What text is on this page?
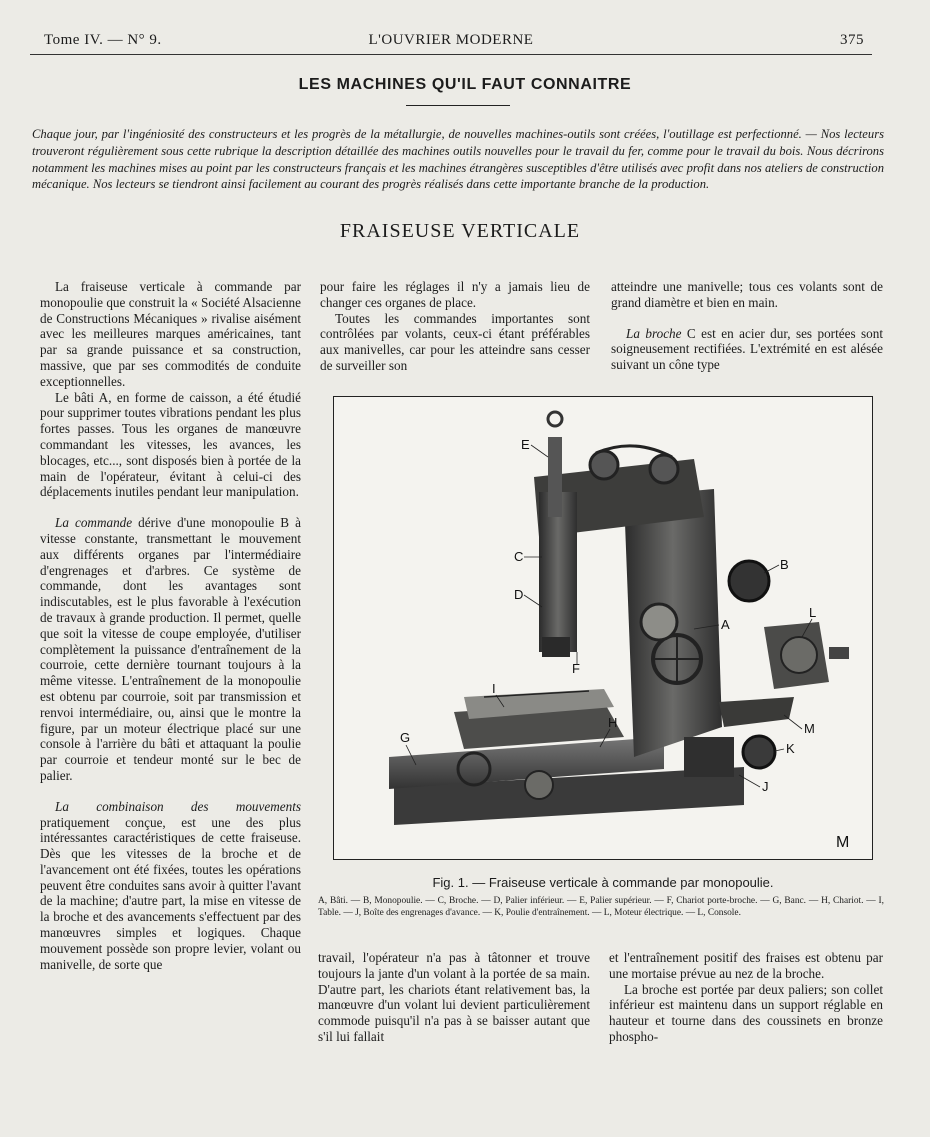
Tome IV. — N° 9.	L'OUVRIER MODERNE	375
LES MACHINES QU'IL FAUT CONNAITRE
Chaque jour, par l'ingéniosité des constructeurs et les progrès de la métallurgie, de nouvelles machines-outils sont créées, l'outillage est perfectionné. — Nos lecteurs trouveront régulièrement sous cette rubrique la description détaillée des machines outils nouvelles pour le travail du fer, comme pour le travail du bois. Nous décrirons notamment les machines mises au point par les constructeurs français et les machines étrangères susceptibles d'être utilisés avec profit dans nos ateliers de construction mécanique. Nos lecteurs se tiendront ainsi facilement au courant des progrès réalisés dans cette importante branche de la production.
FRAISEUSE VERTICALE

La fraiseuse verticale à commande par monopoulie que construit la « Société Alsacienne de Constructions Mécaniques » rivalise aisément avec les meilleures marques américaines, tant par sa grande puissance et sa construction, massive, que par ses commodités de conduite exceptionnelles.

Le bâti A, en forme de caisson, a été étudié pour supprimer toutes vibrations pendant les plus fortes passes. Tous les organes de manœuvre commandant les vitesses, les avances, les blocages, etc..., sont disposés bien à portée de la main de l'opérateur, évitant à celui-ci des déplacements inutiles pendant leur manipulation.

La commande dérive d'une monopoulie B à vitesse constante, transmettant le mouvement aux différents organes par l'intermédiaire d'engrenages et d'arbres. Ce système de commande, dont les avantages sont indiscutables, est le plus favorable à l'exécution de travaux à grande production. Il permet, quelle que soit la vitesse de coupe employée, d'utiliser complètement la puissance d'entraînement de la courroie, cette dernière tournant toujours à la même vitesse. L'entraînement de la monopoulie est obtenu par courroie, soit par transmission et renvoi intermédiaire, ou, ainsi que le montre la figure, par un moteur électrique placé sur une console à l'arrière du bâti et attaquant la poulie par courroie et tendeur monté sur le bec de palier.

La combinaison des mouvements pratiquement conçue, est une des plus intéressantes caractéristiques de cette fraiseuse. Dès que les vitesses de la broche et de l'avancement ont été fixées, toutes les opérations peuvent être conduites sans avoir à quitter l'avant de la machine; d'autre part, la mise en vitesse de la broche et des avancements s'effectuent par des manœuvres simples et logiques. Chaque mouvement possède son propre levier, volant ou manivelle, de sorte que

pour faire les réglages il n'y a jamais lieu de changer ces organes de place.

Toutes les commandes importantes sont contrôlées par volants, ceux-ci étant préférables aux manivelles, car pour les atteindre sans cesser de surveiller son

atteindre une manivelle; tous ces volants sont de grand diamètre et bien en main.

La broche C est en acier dur, ses portées sont soigneusement rectifiées. L'extrémité en est alésée suivant un cône type

E
C
D
F
B
A
L
I
H
G
M
K
J
M
Fig. 1. — Fraiseuse verticale à commande par monopoulie.
A, Bâti. — B, Monopoulie. — C, Broche. — D, Palier inférieur. — E, Palier supérieur. — F, Chariot porte-broche. — G, Banc. — H, Chariot. — I, Table. — J, Boîte des engrenages d'avance. — K, Poulie d'entraînement. — L, Moteur électrique. — L, Console.

travail, l'opérateur n'a pas à tâtonner et trouve toujours la jante d'un volant à la portée de sa main. D'autre part, les chariots étant relativement bas, la manœuvre d'un volant lui devient particulièrement commode puisqu'il n'a pas à se baisser autant que s'il lui fallait

et l'entraînement positif des fraises est obtenu par une mortaise prévue au nez de la broche.

La broche est portée par deux paliers; son collet inférieur est maintenu dans un support réglable en hauteur et tourne dans des coussinets en bronze phospho-
